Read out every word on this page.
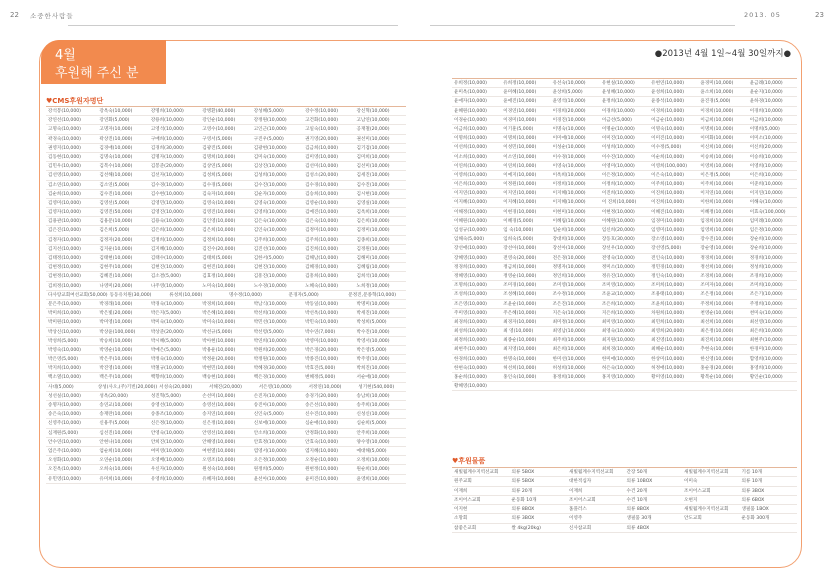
22 소중한사람들	2013. 05	23
4월
후원해 주신 분
●2013년 4월 1일~4월 30일까지●
♥CMS후원자명단
♥후원물품
강석봉(10,000)	강옥숙(10,000)	강명희(10,000)	강병환(40,000)	강성혜(5,000)	강수정(10,000)	강신혁(10,000)
강연선(10,000)	강연화(5,000)	강용희(10,000)	강인순(10,000)	강정원(10,000)	고건화(10,000)	고남연(10,000)
고명숙(10,000)	고명자(10,000)	고영석(10,000)	고영수(10,000)	고인근(10,000)	고일숙(10,000)	공재철(20,000)
곽경숙(10,000)	곽상진(10,000)	구매희(10,000)	구영서(5,000)	구진우(5,000)	권기영(20,000)	권선미(10,000)
권영지(10,000)	김경애(10,000)	김경희(30,000)	김광진(5,000)	김광현(10,000)	김금희(10,000)	김기겸(10,000)
김동현(10,000)	김명숙(10,000)	김명자(10,000)	김명희(10,000)	김미숙(10,000)	김미영(10,000)	김미희(10,000)
김민우(10,000)	김복수(10,000)	김봉준(20,000)	김상연(5,000)	김상진(10,000)	김선미(10,000)	김선미(10,000)
김선영(10,000)	김선해(10,000)	김선자(10,000)	김성희(5,000)	김성희(10,000)	김성소(20,000)	김세진(10,000)
김소연(10,000)	김소연(5,000)	김수경(10,000)	김수경(5,000)	김수진(10,000)	김수경(10,000)	김수진(10,000)
김순희(10,000)	김수진(10,000)	김수현(10,000)	김숙자(10,000)	김순자(10,000)	김승희(10,000)	김시현(10,000)
김영미(10,000)	김영선(5,000)	김영민(10,000)	김영숙(10,000)	김영숙(10,000)	김영순(10,000)	김영실(10,000)
김영자(10,000)	김영진(50,000)	김영진(10,000)	김영진(10,000)	김영희(10,000)	김예진(10,000)	김옥희(10,000)
김용관(10,000)	김용문(10,000)	김용숙(10,000)	김인영(10,000)	김은숙(10,000)	김은숙(10,000)	김은희(10,000)
김은진(10,000)	김은희(5,000)	김은희(10,000)	김은희(10,000)	김인숙(10,000)	김정미(10,000)	김정미(10,000)
김정자(10,000)	김정자(20,000)	김정희(10,000)	김정희(10,000)	김주희(10,000)	김주희(10,000)	김종희(10,000)
김지선(10,000)	김지운(10,000)	김지혜(10,000)	김진수(20,000)	김진선(10,000)	김진희(10,000)	김정원(10,000)
김태정(10,000)	김태현(10,000)	김태수(10,000)	김태희(5,000)	김한서(5,000)	김해남(10,000)	김해미(10,000)
김현정(10,000)	김현주(10,000)	김현진(10,000)	김현진(10,000)	김현진(10,000)	김혜경(10,000)	김혜림(10,000)
김현정(10,000)	김혜진(10,000)	김소결(5,000)	김효정(10,000)	김흥진(10,000)	김흥희(10,000)	김희석(10,000)
김희정(10,000)	나영미(20,000)	나주영(10,000)	노미숙(10,000)	노수경(10,000)	노혜숙(10,000)	노희정(10,000)
다사랑교회여선교회(50,000) 동동유치원(30,000)	류성희(10,000)	명수정(10,000)	문경자(5,000)	문정진,문종혁(10,000)
문은주(10,000)	박경래(10,000)	박경숙(10,000)	박경희(10,000)	박남식(10,000)	박동일(10,000)	박명미(10,000)
박미희(10,000)	박은빛(20,000)	박은지(5,000)	박은혜(10,000)	박선희(10,000)	박선옥(10,000)	박세진(10,000)
박미원(10,000)	박미영(10,000)	박미숙(10,000)	박미숙(10,000)	박민선(10,000)	박민숙(10,000)	박성희(5,000)
박상신(10,000)	박상윤(100,000)	박상준(20,000)	박선규(5,000)	박선령(5,000)	박수연(7,000)	박수진(10,000)
박성희(5,000)	박승희(10,000)	박시혜(5,000)	박아현(10,000)	박연희(10,000)	박영미(10,000)	박영서(10,000)
박영숙(10,000)	박영순(10,000)	박예은(5,000)	박용운(10,000)	박원희(20,000)	박은경(20,000)	박은영(5,000)
박은영(5,000)	박은주(10,000)	박정숙(10,000)	박정운(20,000)	박정원(10,000)	박종진(10,000)	박주영(10,000)
박지희(10,000)	박진영(10,000)	박철규(10,000)	박현민(10,000)	박혜경(30,000)	박효진(5,000)	박희진(10,000)
백소열(10,000)	백은주(10,000)	백향희(10,000)	백승현(10,000)	백은경(10,000)	변혜정(5,000)	서순애(10,000)
사대(5,000)	상성(사오,(주)기빈(20,000)) 서성숙(20,000)	서해진(20,000)	서은영(10,000)	서정연(10,000)	성기현(540,000)
성선실(10,000)	성옥(20,000)	성진혁(5,000)	손선미(10,000)	손진자(10,000)	송경기(20,000)	송남희(10,000)
송명자(10,000)	송연교(10,000)	송영선(10,000)	송영선(10,000)	송진아(10,000)	송은선(10,000)	송주희(10,000)
송은숙(10,000)	송재란(10,000)	송종조(10,000)	송지연(10,000)	신인숙(5,000)	신수진(10,000)	신성신(10,000)
신영주(10,000)	신용주(5,000)	신은정(10,000)	신은정(10,000)	신보애(10,000)	심순애(10,000)	심순희(5,000)
심재원(5,000)	심선진(10,000)	안영숙(10,000)	안영선(10,000)	안소희(10,000)	안정화(10,000)	안주희(10,000)
안수연(10,000)	안현나(10,000)	안희진(10,000)	안해영(10,000)	안효정(10,000)	안효숙(10,000)	양수영(10,000)
엄은주(10,000)	엄순희(10,000)	여미영(10,000)	여현열(10,000)	염영서(10,000)	염지혜(10,000)	예대해(5,000)
오성화(10,000)	오연순(10,000)	오영배(10,000)	오영조(10,000)	오은정(10,000)	오정순(10,000)	오정희(10,000)
오진옥(10,000)	오희숙(10,000)	우신자(10,000)	원성숙(10,000)	원정희(5,000)	원현정(10,000)	원순희(10,000)
유민영(10,000)	유미희(10,000)	유영희(10,000)	유혜자(10,000)	윤선아(10,000)	윤미진(10,000)	윤영희(10,000)
유희정(10,000)	유희정(10,000)	유선숙(10,000)	유현실(10,000)	유현연(10,000)	윤경미(10,000)	윤금례(10,000)
윤미옥(10,000)	윤미혜(10,000)	윤상희(5,000)	윤성혜(10,000)	윤성희(10,000)	윤소희(10,000)	윤순지(10,000)
윤애자(10,000)	윤애진(10,000)	윤영석(10,000)	윤정희(10,000)	윤종석(10,000)	윤진경(5,000)	윤하경(10,000)
윤혜원(10,000)	이경연(10,000)	이경희(20,000)	이경희(10,000)	이경희(10,000)	이경희(10,000)	이경희(10,000)
이경순(10,000)	이경미(10,000)	이경진(10,000)	이금선(5,000)	이금순(10,000)	이금희(10,000)	이금희(10,000)
이금희(10,000)	이기훈(5,000)	이명숙(10,000)	이명순(10,000)	이명숙(10,000)	이명희(10,000)	이명희(5,000)
이명희(10,000)	이명희(10,000)	이미애(10,000)	이미진(10,000)	이미진(10,000)	이미화(10,000)	이미소(10,000)
이선희(10,000)	이성민(10,000)	이성순(10,000)	이성희(10,000)	이수정(5,000)	이신희(10,000)	이신희(20,000)
이소희(10,000)	이소연(10,000)	이수경(10,000)	이수진(10,000)	이순희(10,000)	이승희(10,000)	이승희(10,000)
이연희(10,000)	이연희(10,000)	이영숙(10,000)	이영미(10,000)	이영희(100,000)	이영희(10,000)	이영희(10,000)
이영희(10,000)	이예지(10,000)	이옥희(10,000)	이은정(10,000)	이은숙(10,000)	이은정(5,000)	이은희(10,000)
이은희(10,000)	이정원(10,000)	이정희(10,000)	이정희(10,000)	이주희(10,000)	이주희(10,000)	이준희(10,000)
이지연(10,000)	이지연(10,000)	이지혜(10,000)	이진희(10,000)	이진희(10,000)	이지연(10,000)	이지연(10,000)
이지혜(10,000)	이지혜(10,000)	이지혜(10,000)	이 진희(10,000)	이진희(10,000)	이한희(10,000)	이해숙(10,000)
이해정(10,000)	이현경(10,000)	이현미(10,000)	이현정(10,000)	이혜진(10,000)	이혜정(10,000)	이효숙(100,000)
이혜원(10,000)	이혜경(5,000)	이혜림(10,000)	이혜원(10,000)	임경미(10,000)	임경희(10,000)	임미례(10,000)
임성규(10,000)	임 숙(10,000)	임순희(10,000)	임신희(20,000)	임영미(10,000)	임영희(10,000)	임은정(10,000)
임해숙(5,000)	임희숙(5,000)	장대희(10,000)	장동호(30,000)	장소영(10,000)	장수진(10,000)	장순희(10,000)
장선애(10,000)	장선아(10,000)	장선아(10,000)	장선우(10,000)	장선영(5,000)	장순영(10,000)	장순희(10,000)
장혜영(10,000)	전영숙(20,000)	전은경(10,000)	전영숙(10,000)	전인숙(10,000)	정경희(10,000)	정경희(10,000)
정경희(10,000)	정금희(10,000)	정명자(10,000)	정미소(10,000)	정민경(10,000)	정선희(10,000)	정성희(10,000)
정혜영(10,000)	정영순(10,000)	정인희(10,000)	정유진(10,000)	정인숙(10,000)	조경희(10,000)	조경희(10,000)
조명희(10,000)	조미경(10,000)	조미영(10,000)	조미영(10,000)	조미희(10,000)	조미자(10,000)	조미희(10,000)
조성희(10,000)	조성혜(10,000)	조수정(10,000)	조윤교(10,000)	조용태(10,000)	조은정(10,000)	조은기(10,000)
조은영(10,000)	조윤순(10,000)	조은진(10,000)	조은희(10,000)	조윤희(10,000)	주정희(10,000)	주정희(10,000)
주미영(10,000)	주은혜(10,000)	지은숙(10,000)	지은희(10,000)	차원희(10,000)	천영순(10,000)	천미숙(10,000)
최경희(10,000)	최경자(10,000)	최미정(10,000)	최미영(10,000)	최민희(10,000)	최선희(10,000)	최선영(10,000)
최성희(10,000)	최 영(10,000)	최영남(10,000)	최영숙(10,000)	최영희(20,000)	최은정(10,000)	최은희(10,000)
최정희(10,000)	최종순(10,000)	최주희(10,000)	최지원(10,000)	최진영(10,000)	최진희(10,000)	최현주(10,000)
최현주(10,000)	최지영(10,000)	최은희(10,000)	최희경(10,000)	최혜순(10,000)	추현숙(10,000)	한경미(10,000)
한경희(10,000)	한명숙(10,000)	한미선(10,000)	한미애(10,000)	한상미(10,000)	한신영(10,000)	함영희(10,000)
한현숙(10,000)	허선희(10,000)	허성희(10,000)	허은숙(10,000)	허정애(10,000)	홍순경(20,000)	홍영희(10,000)
홍순희(10,000)	홍인숙(10,000)	홍정희(10,000)	홍지영(10,000)	황미영(10,000)	황복순(10,000)	황인순(10,000)
황혜영(10,000)
새빛월계수지역선교회	의류 5BOX	새빛월계수지역선교회	간장 50개	새빛월계수지역선교회	기름 10개
원주교회	의류 5BOX	대한적십자	의류 10BOX	이미숙	의류 10개
이재희	의류 20개	이재희	수건 20개	조이어스교회	의류 3BOX
조이어스교회	운동화 10개	조이어스교회	수건 10개	오현지	의류 6BOX
이지현	의류 8BOX	홈플러스	의류 8BOX	새빛월계수지역선교회	생필품 1BOX
소망회	의류 3BOX	이영주	생필품 30개	안도교회	운동화 300개
참좋은교회	쌀 4kg(20kg)	신사참교회	의류 4BOX
